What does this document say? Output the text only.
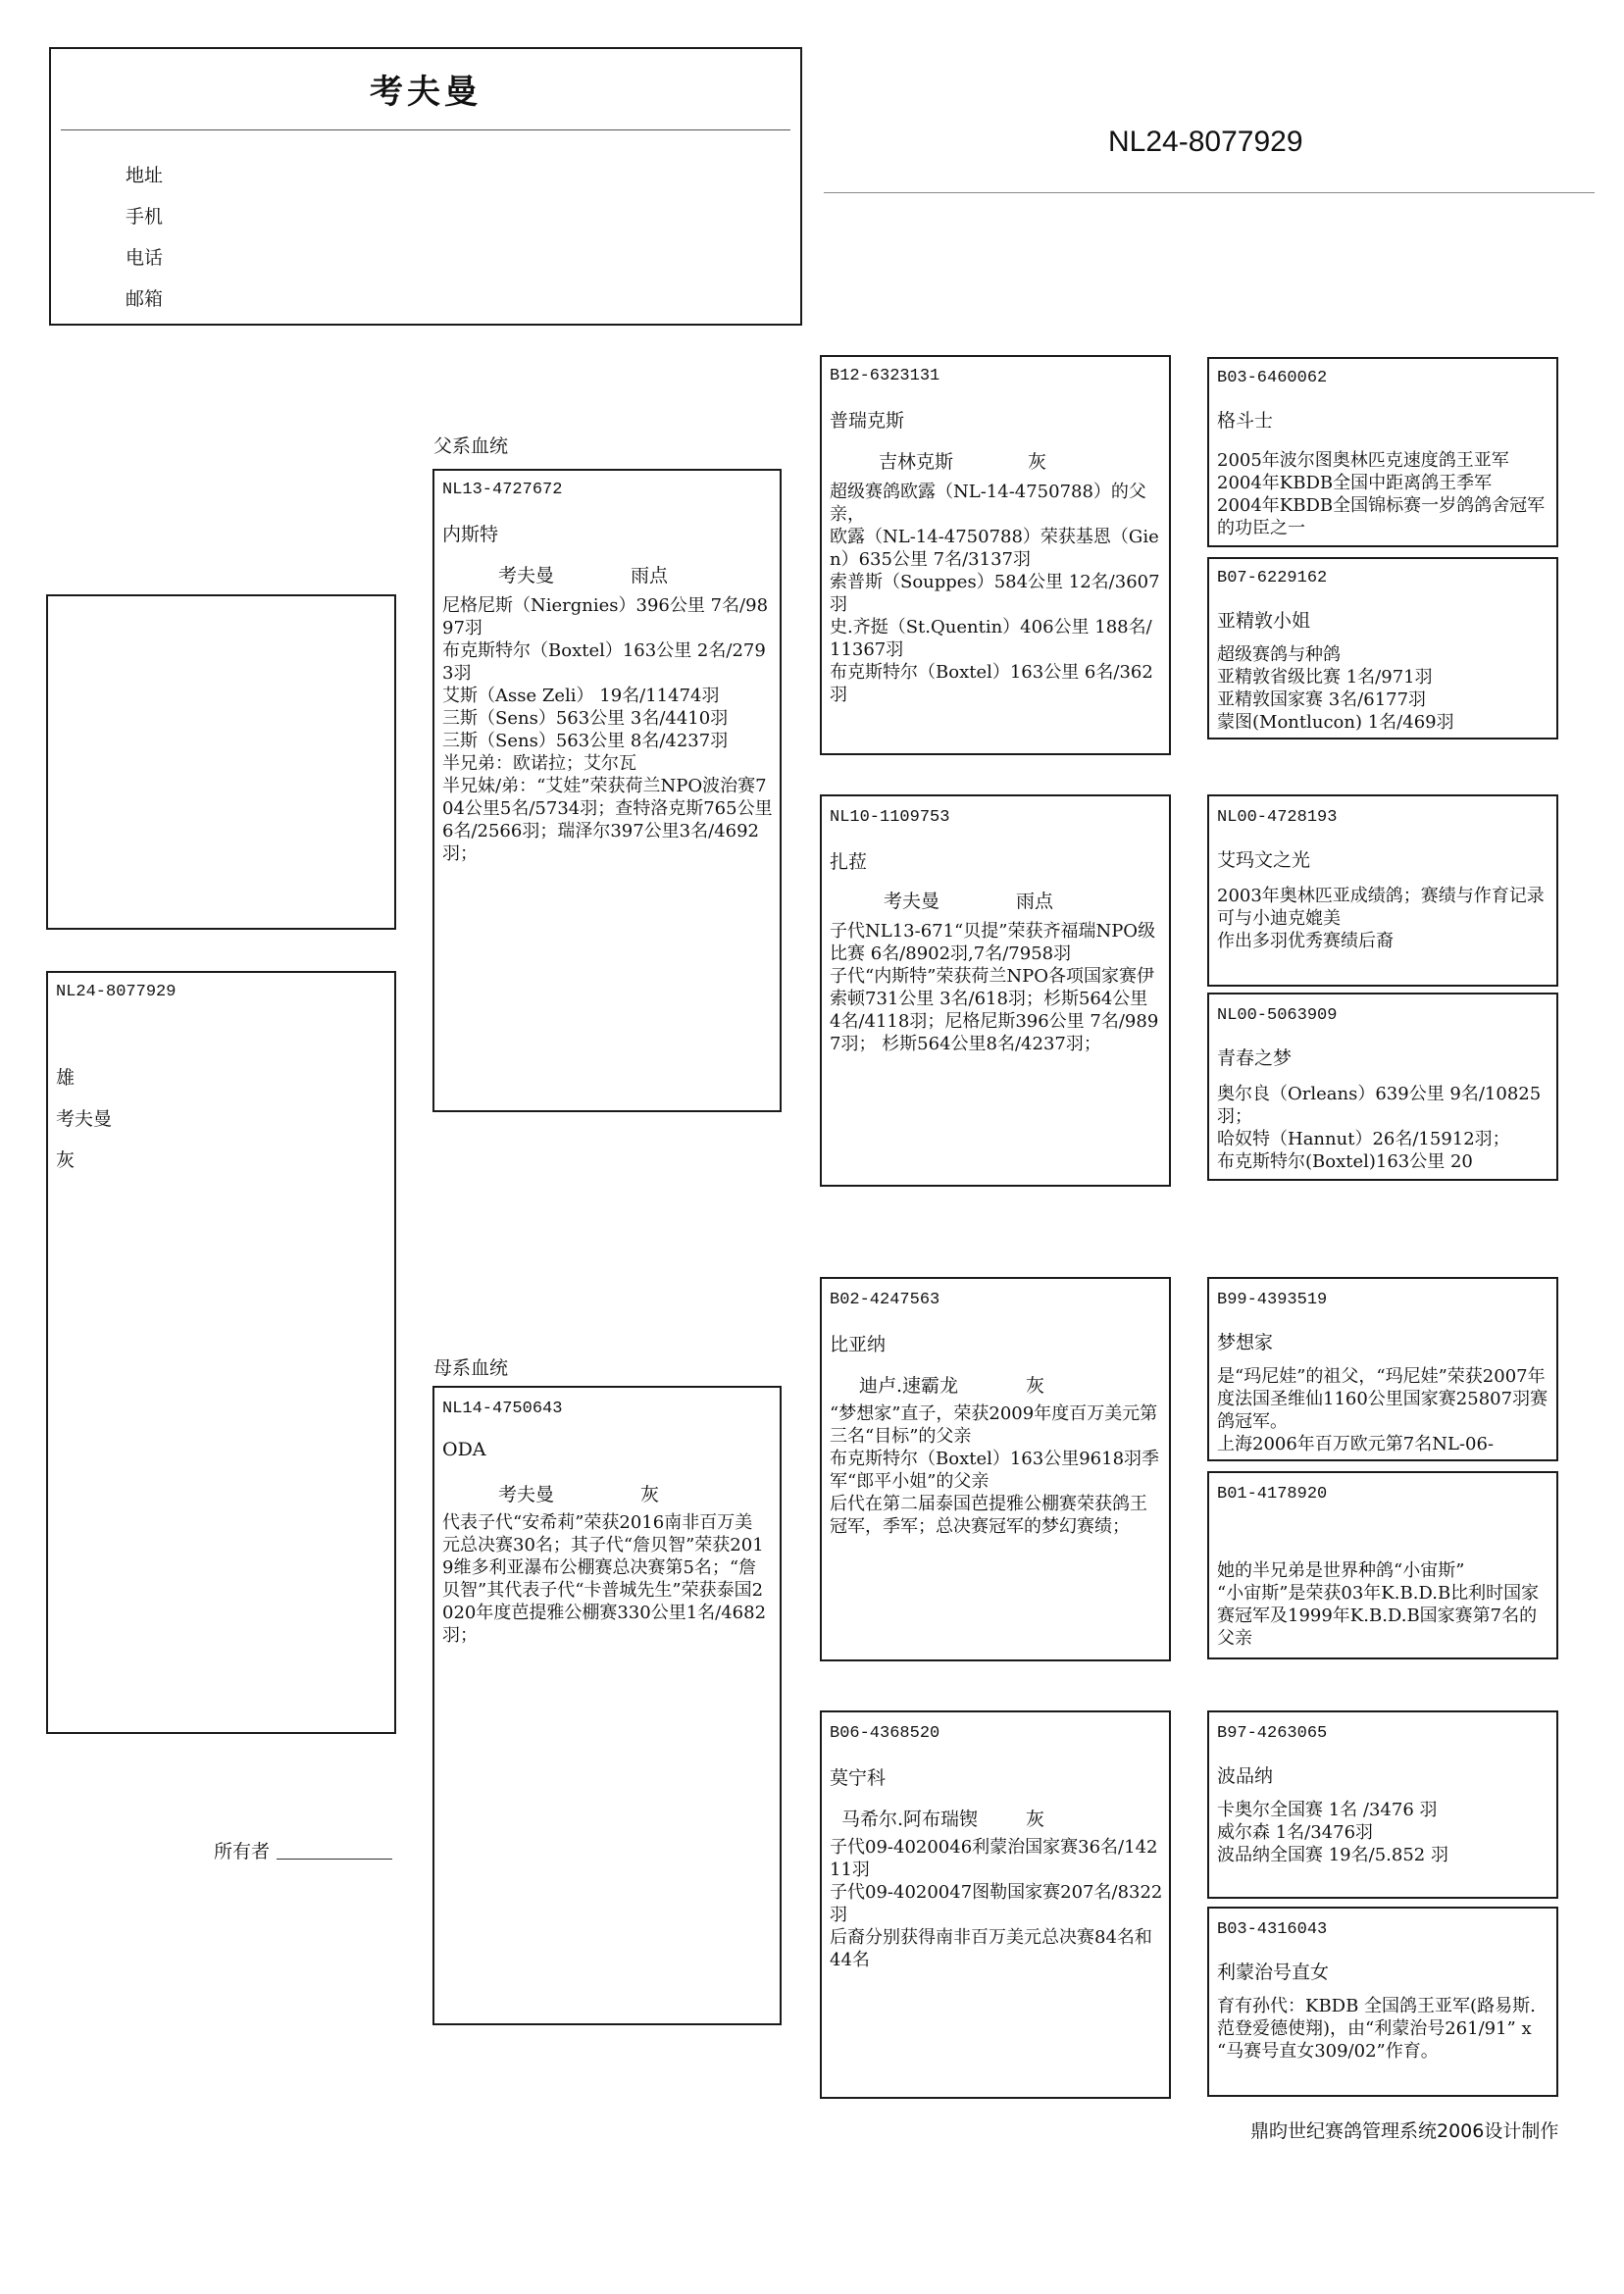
考夫曼
地址
手机
电话
邮箱
NL24-8077929
父系血统
母系血统
NL24-8077929
雄
考夫曼
灰
所有者
NL13-4727672
内斯特
考夫曼	雨点
尼格尼斯（Niergnies）396公里 7名/9897羽
布克斯特尔（Boxtel）163公里 2名/2793羽
艾斯（Asse Zeli） 19名/11474羽
三斯（Sens）563公里 3名/4410羽
三斯（Sens）563公里 8名/4237羽
半兄弟：欧诺拉；艾尔瓦
半兄妹/弟：“艾娃”荣获荷兰NPO波治赛704公里5名/5734羽；查特洛克斯765公里6名/2566羽；瑞泽尔397公里3名/4692羽；
NL14-4750643
ODA
考夫曼	灰
代表子代“安希莉”荣获2016南非百万美元总决赛30名；其子代“詹贝智”荣获2019维多利亚瀑布公棚赛总决赛第5名；“詹贝智”其代表子代“卡普城先生”荣获泰国2020年度芭提雅公棚赛330公里1名/4682羽；
B12-6323131
普瑞克斯
吉林克斯	灰
超级赛鸽欧露（NL-14-4750788）的父亲，
欧露（NL-14-4750788）荣获基恩（Gien）635公里 7名/3137羽
索普斯（Souppes）584公里 12名/3607羽
史.齐挺（St.Quentin）406公里 188名/11367羽
布克斯特尔（Boxtel）163公里 6名/362羽
NL10-1109753
扎菈
考夫曼	雨点
子代NL13-671“贝提”荣获齐福瑞NPO级比赛 6名/8902羽,7名/7958羽
子代“内斯特”荣获荷兰NPO各项国家赛伊索顿731公里 3名/618羽；杉斯564公里 4名/4118羽；尼格尼斯396公里 7名/9897羽； 杉斯564公里8名/4237羽；
B02-4247563
比亚纳
迪卢.速霸龙	灰
“梦想家”直子，荣获2009年度百万美元第三名“目标”的父亲
布克斯特尔（Boxtel）163公里9618羽季军“郎平小姐”的父亲
后代在第二届泰国芭提雅公棚赛荣获鸽王冠军，季军；总决赛冠军的梦幻赛绩；
B06-4368520
莫宁科
马希尔.阿布瑞锲	灰
子代09-4020046利蒙治国家赛36名/14211羽
子代09-4020047图勒国家赛207名/8322羽
后裔分别获得南非百万美元总决赛84名和44名
B03-6460062
格斗士
2005年波尔图奥林匹克速度鸽王亚军
2004年KBDB全国中距离鸽王季军
2004年KBDB全国锦标赛一岁鸽鸽舍冠军的功臣之一
B07-6229162
亚精敦小姐
超级赛鸽与种鸽
亚精敦省级比赛 1名/971羽
亚精敦国家赛 3名/6177羽
蒙图(Montlucon) 1名/469羽
NL00-4728193
艾玛文之光
2003年奥林匹亚成绩鸽；赛绩与作育记录可与小迪克媲美
作出多羽优秀赛绩后裔
NL00-5063909
青春之梦
奥尔良（Orleans）639公里 9名/10825羽；
哈奴特（Hannut）26名/15912羽；
布克斯特尔(Boxtel)163公里 20
B99-4393519
梦想家
是“玛尼娃”的祖父，“玛尼娃”荣获2007年度法国圣维仙1160公里国家赛25807羽赛鸽冠军。
上海2006年百万欧元第7名NL-06-
B01-4178920
她的半兄弟是世界种鸽“小宙斯”
“小宙斯”是荣获03年K.B.D.B比利时国家赛冠军及1999年K.B.D.B国家赛第7名的父亲
B97-4263065
波品纳
卡奥尔全国赛 1名 /3476 羽
威尔森 1名/3476羽
波品纳全国赛 19名/5.852 羽
B03-4316043
利蒙治号直女
育有孙代：KBDB 全国鸽王亚军(路易斯.范登爱德使翔)，由“利蒙治号261/91” x “马赛号直女309/02”作育。
鼎昀世纪赛鸽管理系统2006设计制作
